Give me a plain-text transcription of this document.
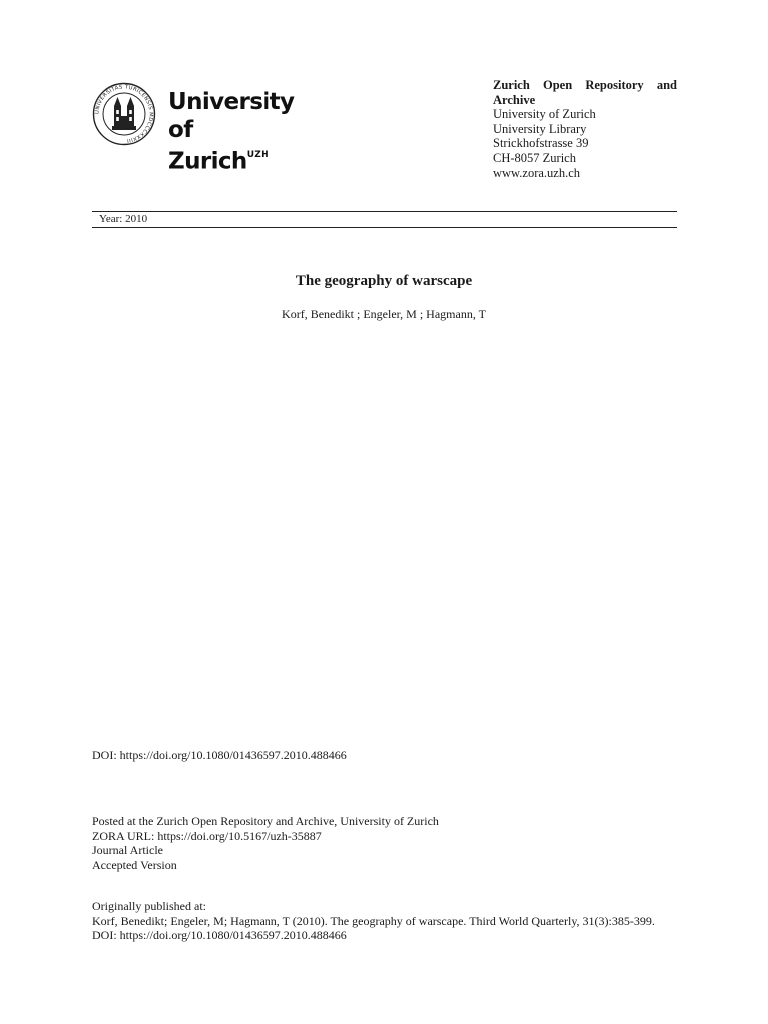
UNIVERSITAS TURICENSIS MDCCCXXXIII
University of
Zurich$^{UZH}$
Zurich Open Repository and Archive
University of Zurich
University Library
Strickhofstrasse 39
CH-8057 Zurich
www.zora.uzh.ch
Year: 2010
The geography of warscape
Korf, Benedikt ; Engeler, M ; Hagmann, T
DOI: https://doi.org/10.1080/01436597.2010.488466
Posted at the Zurich Open Repository and Archive, University of Zurich
ZORA URL: https://doi.org/10.5167/uzh-35887
Journal Article
Accepted Version
Originally published at:
Korf, Benedikt; Engeler, M; Hagmann, T (2010). The geography of warscape. Third World Quarterly, 31(3):385-399.
DOI: https://doi.org/10.1080/01436597.2010.488466
